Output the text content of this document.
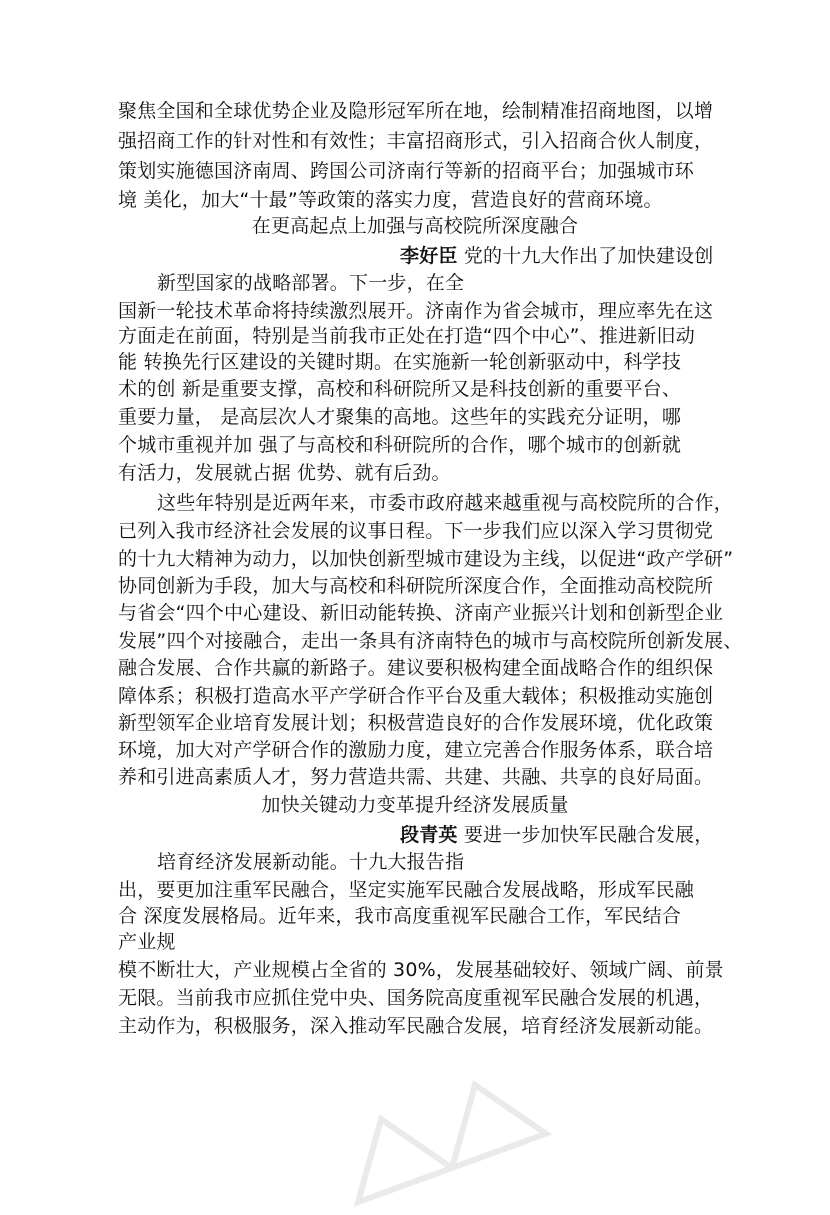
聚焦全国和全球优势企业及隐形冠军所在地，绘制精准招商地图，以增

强招商工作的针对性和有效性；丰富招商形式，引入招商合伙人制度，

策划实施德国济南周、跨国公司济南行等新的招商平台；加强城市环

境 美化，加大“十最”等政策的落实力度，营造良好的营商环境。

在更高起点上加强与高校院所深度融合

李好臣 党的十九大作出了加快建设创

新型国家的战略部署。下一步，在全

国新一轮技术革命将持续激烈展开。济南作为省会城市，理应率先在这

方面走在前面，特别是当前我市正处在打造“四个中心”、推进新旧动

能 转换先行区建设的关键时期。在实施新一轮创新驱动中，科学技

术的创 新是重要支撑，高校和科研院所又是科技创新的重要平台、

重要力量， 是高层次人才聚集的高地。这些年的实践充分证明，哪

个城市重视并加 强了与高校和科研院所的合作，哪个城市的创新就

有活力，发展就占据 优势、就有后劲。

这些年特别是近两年来，市委市政府越来越重视与高校院所的合作，

已列入我市经济社会发展的议事日程。下一步我们应以深入学习贯彻党

的十九大精神为动力，以加快创新型城市建设为主线，以促进“政产学研”

协同创新为手段，加大与高校和科研院所深度合作，全面推动高校院所

与省会“四个中心建设、新旧动能转换、济南产业振兴计划和创新型企业

发展”四个对接融合，走出一条具有济南特色的城市与高校院所创新发展、

融合发展、合作共赢的新路子。建议要积极构建全面战略合作的组织保

障体系；积极打造高水平产学研合作平台及重大载体；积极推动实施创

新型领军企业培育发展计划；积极营造良好的合作发展环境，优化政策

环境，加大对产学研合作的激励力度，建立完善合作服务体系，联合培

养和引进高素质人才，努力营造共需、共建、共融、共享的良好局面。

加快关键动力变革提升经济发展质量

段青英 要进一步加快军民融合发展，

培育经济发展新动能。十九大报告指

出，要更加注重军民融合，坚定实施军民融合发展战略，形成军民融

合 深度发展格局。近年来，我市高度重视军民融合工作，军民结合

产业规

模不断壮大，产业规模占全省的 30%，发展基础较好、领域广阔、前景

无限。当前我市应抓住党中央、国务院高度重视军民融合发展的机遇，

主动作为，积极服务，深入推动军民融合发展，培育经济发展新动能。
